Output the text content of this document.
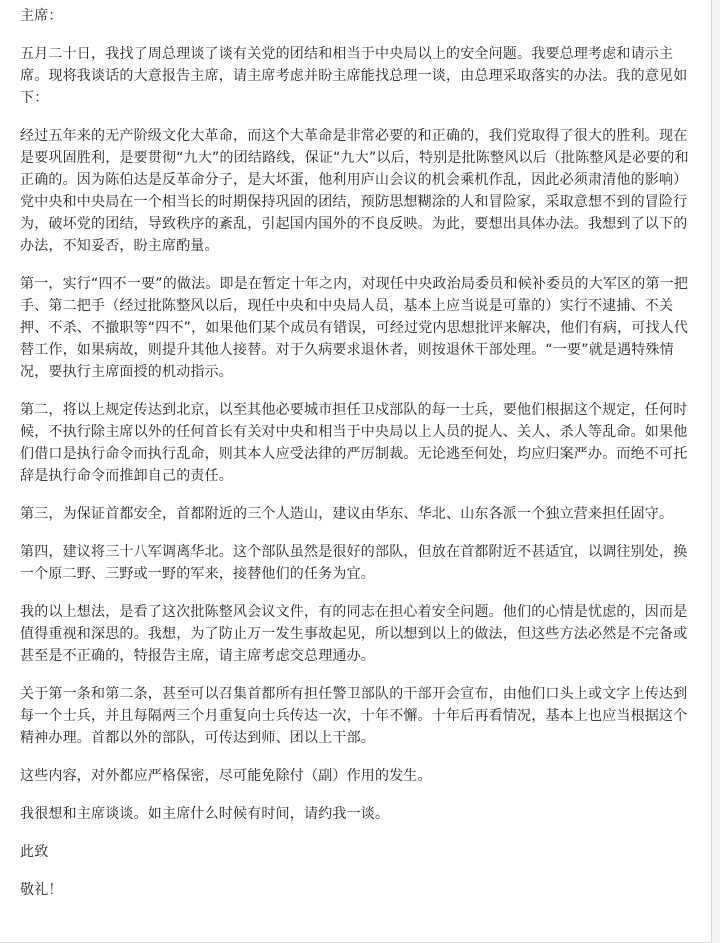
主席：

五月二十日，我找了周总理谈了谈有关党的团结和相当于中央局以上的安全问题。我要总理考虑和请示主席。现将我谈话的大意报告主席，请主席考虑并盼主席能找总理一谈，由总理采取落实的办法。我的意见如下：

经过五年来的无产阶级文化大革命，而这个大革命是非常必要的和正确的，我们党取得了很大的胜利。现在是要巩固胜利，是要贯彻“九大”的团结路线，保证“九大”以后，特别是批陈整风以后（批陈整风是必要的和正确的。因为陈伯达是反革命分子，是大坏蛋，他利用庐山会议的机会乘机作乱，因此必须肃清他的影响）党中央和中央局在一个相当长的时期保持巩固的团结，预防思想糊涂的人和冒险家，采取意想不到的冒险行为，破坏党的团结，导致秩序的紊乱，引起国内国外的不良反映。为此，要想出具体办法。我想到了以下的办法，不知妥否，盼主席酌量。

第一，实行“四不一要”的做法。即是在暂定十年之内，对现任中央政治局委员和候补委员的大军区的第一把手、第二把手（经过批陈整风以后，现任中央和中央局人员，基本上应当说是可靠的）实行不逮捕、不关押、不杀、不撤职等“四不”，如果他们某个成员有错误，可经过党内思想批评来解决，他们有病，可找人代替工作，如果病故，则提升其他人接替。对于久病要求退休者，则按退休干部处理。“一要”就是遇特殊情况，要执行主席面授的机动指示。

第二，将以上规定传达到北京，以至其他必要城市担任卫戍部队的每一士兵，要他们根据这个规定，任何时候，不执行除主席以外的任何首长有关对中央和相当于中央局以上人员的捉人、关人、杀人等乱命。如果他们借口是执行命令而执行乱命，则其本人应受法律的严厉制裁。无论逃至何处，均应归案严办。而绝不可托辞是执行命令而推卸自己的责任。

第三，为保证首都安全，首都附近的三个人造山，建议由华东、华北、山东各派一个独立营来担任固守。

第四，建议将三十八军调离华北。这个部队虽然是很好的部队，但放在首都附近不甚适宜，以调往别处，换一个原二野、三野或一野的军来，接替他们的任务为宜。

我的以上想法，是看了这次批陈整风会议文件，有的同志在担心着安全问题。他们的心情是忧虑的，因而是值得重视和深思的。我想，为了防止万一发生事故起见，所以想到以上的做法，但这些方法必然是不完备或甚至是不正确的，特报告主席，请主席考虑交总理通办。

关于第一条和第二条，甚至可以召集首都所有担任警卫部队的干部开会宣布，由他们口头上或文字上传达到每一个士兵，并且每隔两三个月重复向士兵传达一次，十年不懈。十年后再看情况，基本上也应当根据这个精神办理。首都以外的部队，可传达到师、团以上干部。

这些内容，对外都应严格保密，尽可能免除付（副）作用的发生。

我很想和主席谈谈。如主席什么时候有时间，请约我一谈。

此致

敬礼！
